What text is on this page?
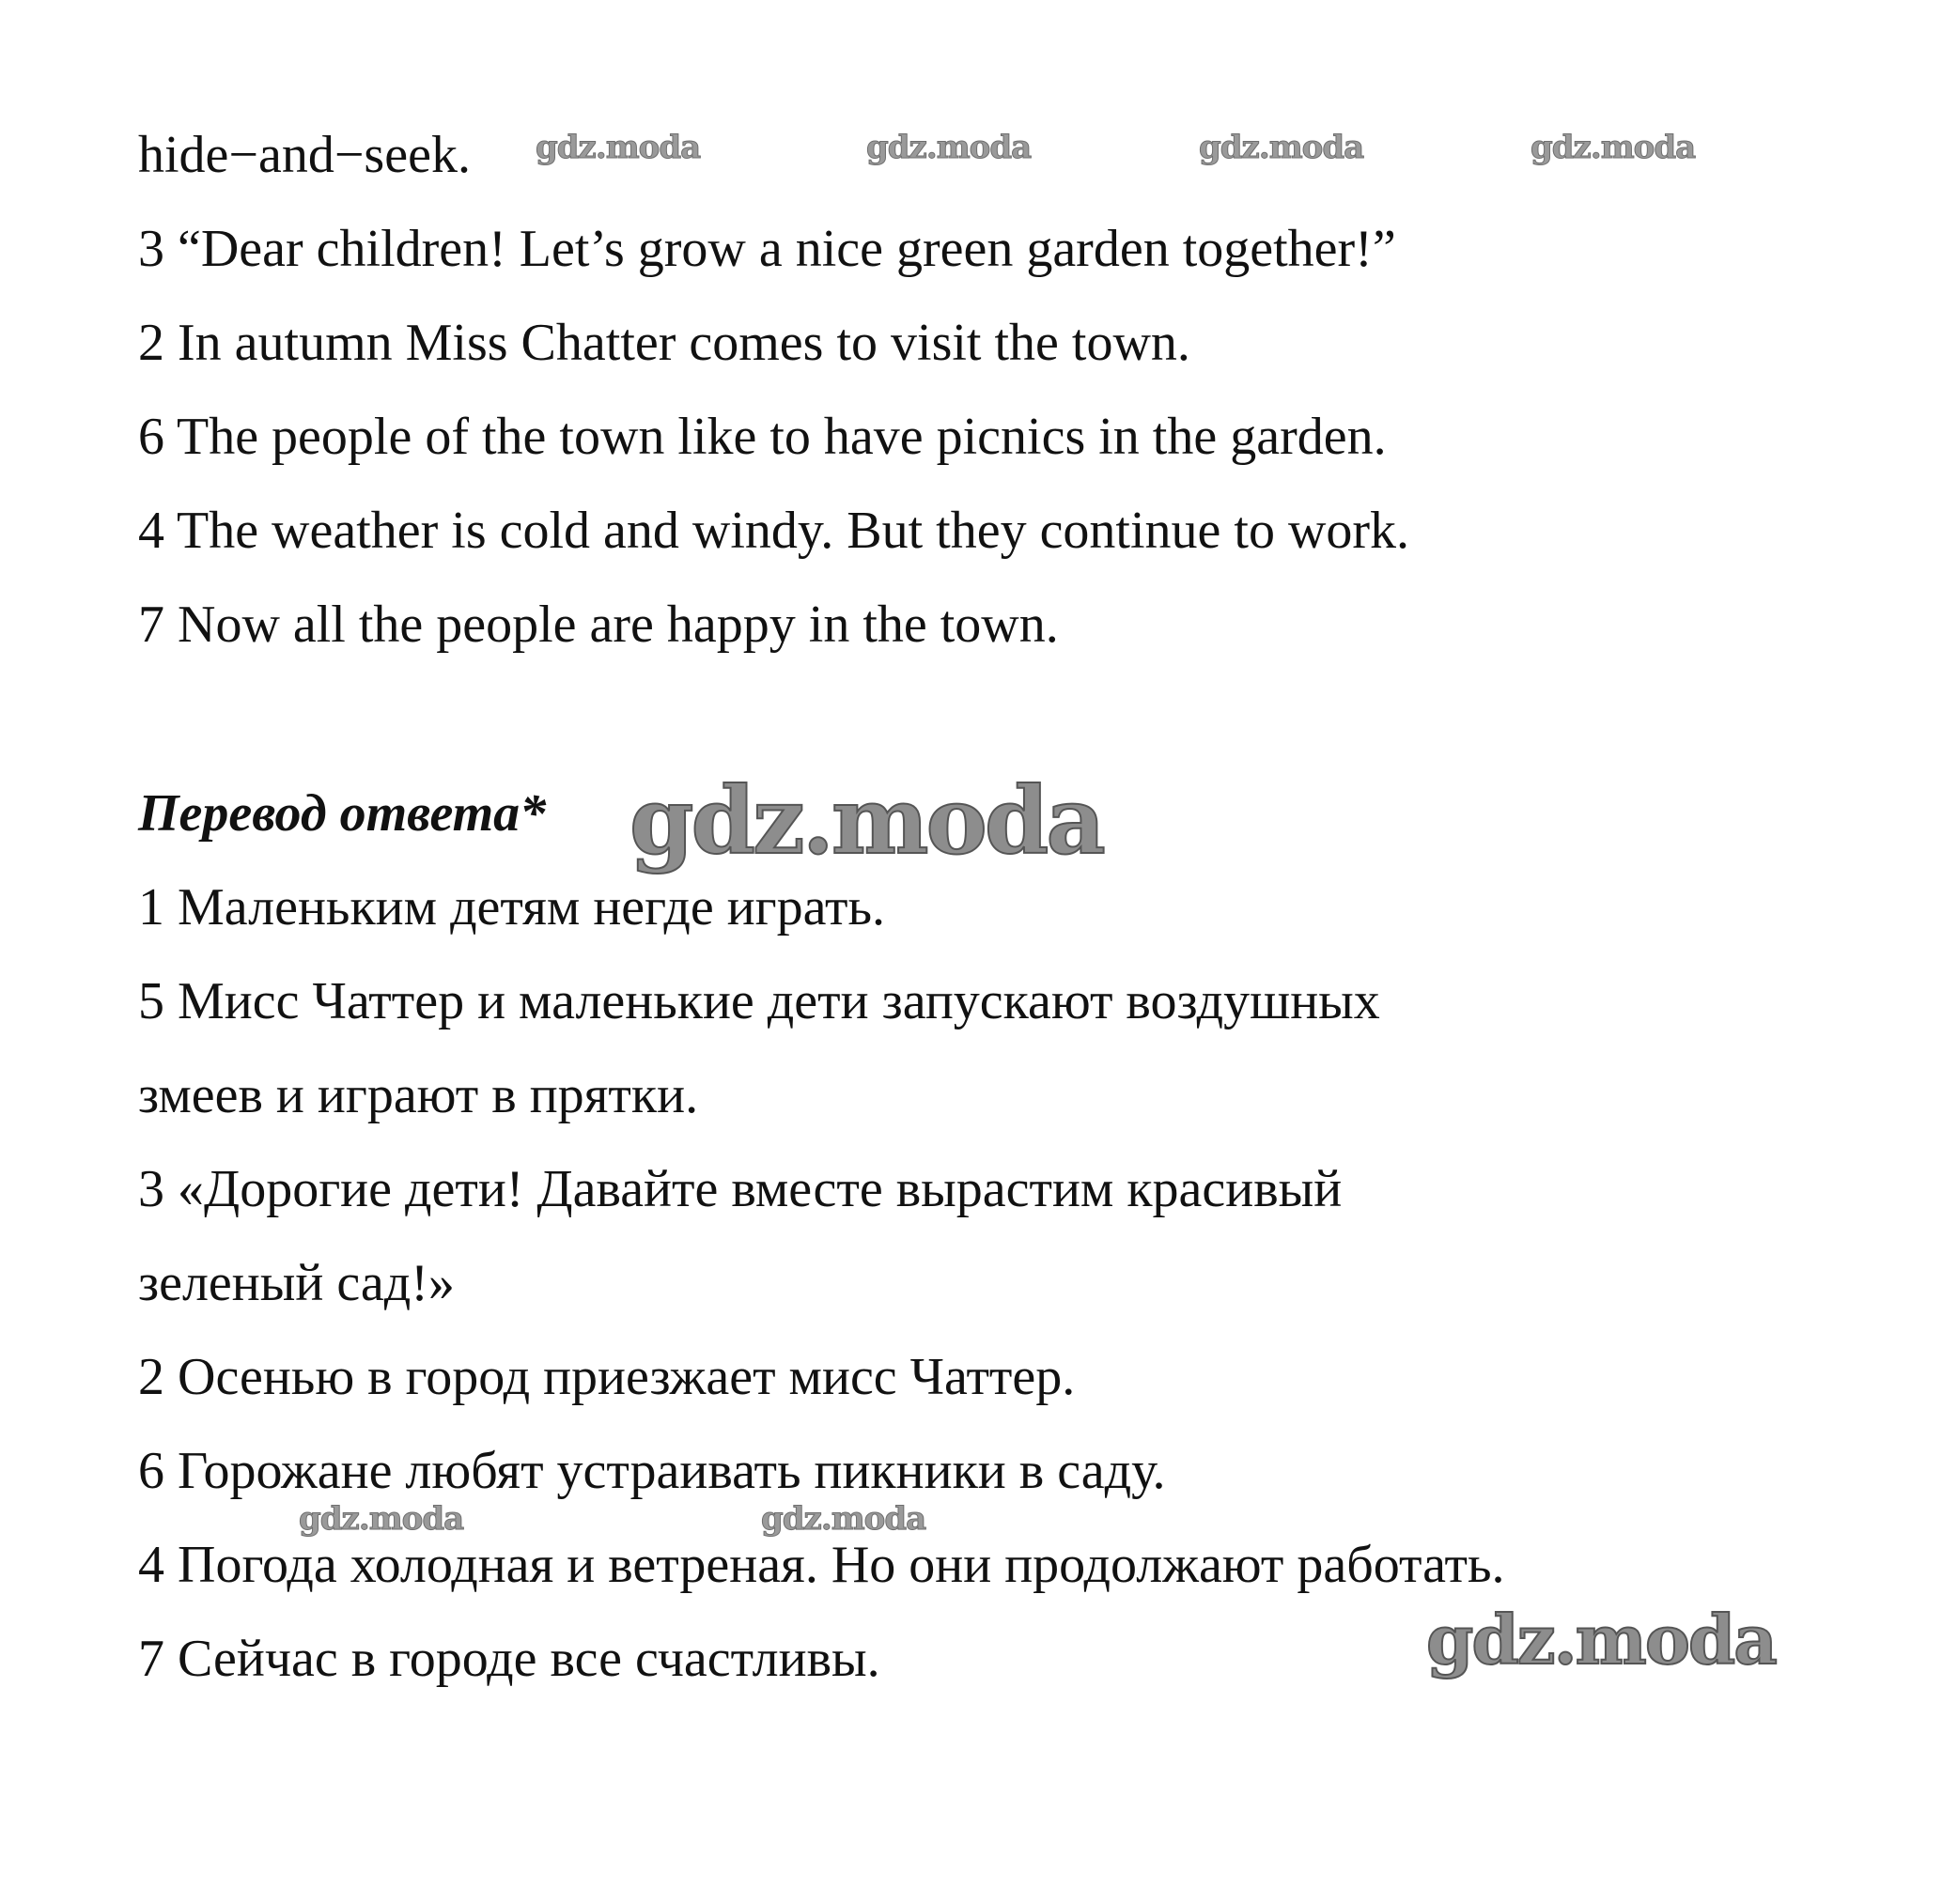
hide−and−seek.
3 “Dear children! Let’s grow a nice green garden together!”
2 In autumn Miss Chatter comes to visit the town.
6 The people of the town like to have picnics in the garden.
4 The weather is cold and windy. But they continue to work.
7 Now all the people are happy in the town.
Перевод ответа*
1 Маленьким детям негде играть.
5 Мисс Чаттер и маленькие дети запускают воздушных
змеев и играют в прятки.
3 «Дорогие дети! Давайте вместе вырастим красивый
зеленый сад!»
2 Осенью в город приезжает мисс Чаттер.
6 Горожане любят устраивать пикники в саду.
4 Погода холодная и ветреная. Но они продолжают работать.
7 Сейчас в городе все счастливы.
gdz.moda	gdz.moda	gdz.moda	gdz.moda
gdz.moda
gdz.moda	gdz.moda
gdz.moda
